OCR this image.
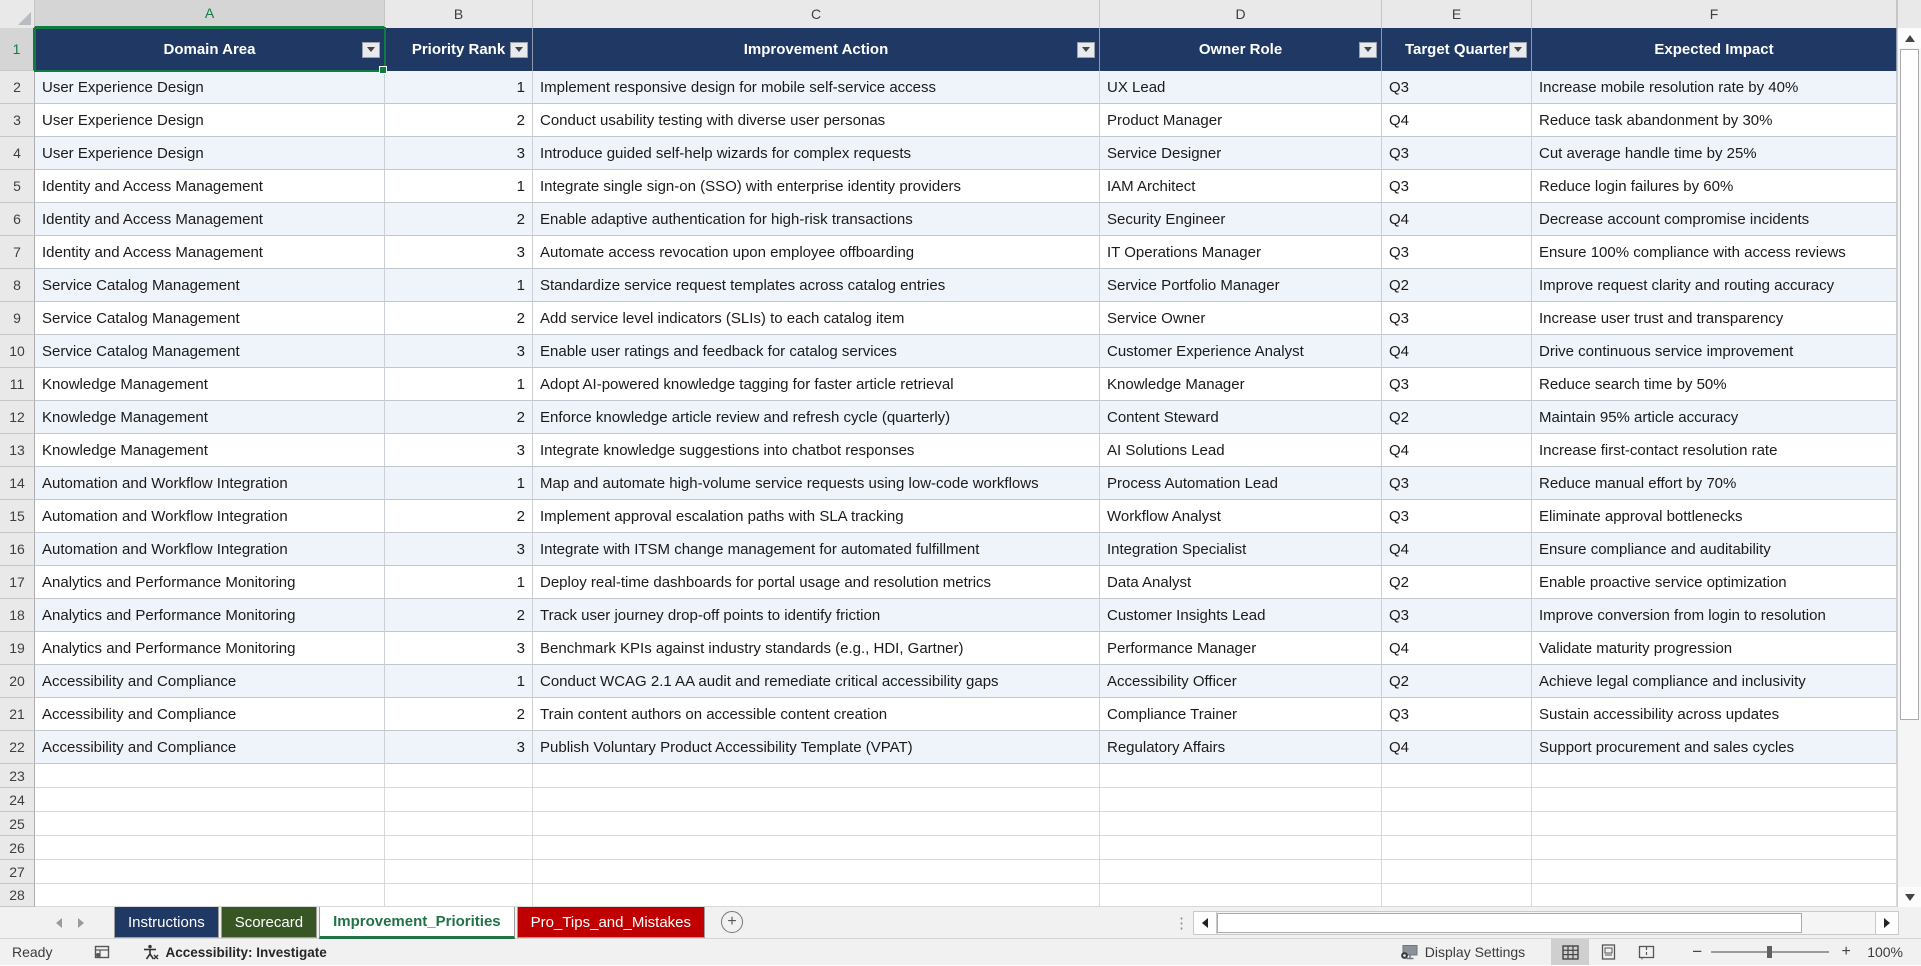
A	B	C	D	E	F
1	Domain Area	Priority Rank	Improvement Action	Owner Role	Target Quarter	Expected Impact
2	User Experience Design	1	Implement responsive design for mobile self-service access	UX Lead	Q3	Increase mobile resolution rate by 40%
3	User Experience Design	2	Conduct usability testing with diverse user personas	Product Manager	Q4	Reduce task abandonment by 30%
4	User Experience Design	3	Introduce guided self-help wizards for complex requests	Service Designer	Q3	Cut average handle time by 25%
5	Identity and Access Management	1	Integrate single sign-on (SSO) with enterprise identity providers	IAM Architect	Q3	Reduce login failures by 60%
6	Identity and Access Management	2	Enable adaptive authentication for high-risk transactions	Security Engineer	Q4	Decrease account compromise incidents
7	Identity and Access Management	3	Automate access revocation upon employee offboarding	IT Operations Manager	Q3	Ensure 100% compliance with access reviews
8	Service Catalog Management	1	Standardize service request templates across catalog entries	Service Portfolio Manager	Q2	Improve request clarity and routing accuracy
9	Service Catalog Management	2	Add service level indicators (SLIs) to each catalog item	Service Owner	Q3	Increase user trust and transparency
10	Service Catalog Management	3	Enable user ratings and feedback for catalog services	Customer Experience Analyst	Q4	Drive continuous service improvement
11	Knowledge Management	1	Adopt AI-powered knowledge tagging for faster article retrieval	Knowledge Manager	Q3	Reduce search time by 50%
12	Knowledge Management	2	Enforce knowledge article review and refresh cycle (quarterly)	Content Steward	Q2	Maintain 95% article accuracy
13	Knowledge Management	3	Integrate knowledge suggestions into chatbot responses	AI Solutions Lead	Q4	Increase first-contact resolution rate
14	Automation and Workflow Integration	1	Map and automate high-volume service requests using low-code workflows	Process Automation Lead	Q3	Reduce manual effort by 70%
15	Automation and Workflow Integration	2	Implement approval escalation paths with SLA tracking	Workflow Analyst	Q3	Eliminate approval bottlenecks
16	Automation and Workflow Integration	3	Integrate with ITSM change management for automated fulfillment	Integration Specialist	Q4	Ensure compliance and auditability
17	Analytics and Performance Monitoring	1	Deploy real-time dashboards for portal usage and resolution metrics	Data Analyst	Q2	Enable proactive service optimization
18	Analytics and Performance Monitoring	2	Track user journey drop-off points to identify friction	Customer Insights Lead	Q3	Improve conversion from login to resolution
19	Analytics and Performance Monitoring	3	Benchmark KPIs against industry standards (e.g., HDI, Gartner)	Performance Manager	Q4	Validate maturity progression
20	Accessibility and Compliance	1	Conduct WCAG 2.1 AA audit and remediate critical accessibility gaps	Accessibility Officer	Q2	Achieve legal compliance and inclusivity
21	Accessibility and Compliance	2	Train content authors on accessible content creation	Compliance Trainer	Q3	Sustain accessibility across updates
22	Accessibility and Compliance	3	Publish Voluntary Product Accessibility Template (VPAT)	Regulatory Affairs	Q4	Support procurement and sales cycles
23
24
25
26
27
28
Instructions	Scorecard	Improvement_Priorities	Pro_Tips_and_Mistakes	+	⋮
Ready	Accessibility: Investigate	Display Settings	−	+ 100%
